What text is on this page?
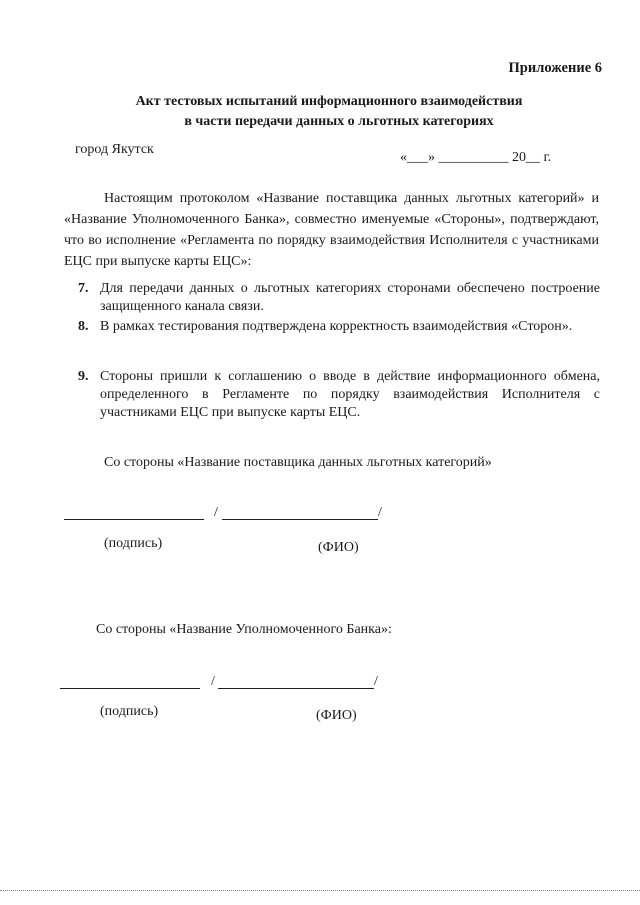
Приложение 6
Акт тестовых испытаний информационного взаимодействия
в части передачи данных о льготных категориях
город Якутск
«___» __________ 20__ г.

Настоящим протоколом «Название поставщика данных льготных категорий» и «Название Уполномоченного Банка», совместно именуемые «Стороны», подтверждают, что во исполнение «Регламента по порядку взаимодействия Исполнителя с участниками ЕЦС при выпуске карты ЕЦС»:

7. Для передачи данных о льготных категориях сторонами обеспечено построение защищенного канала связи.
8. В рамках тестирования подтверждена корректность взаимодействия «Сторон».
9. Стороны пришли к соглашению о вводе в действие информационного обмена, определенного в Регламенте по порядку взаимодействия Исполнителя с участниками ЕЦС при выпуске карты ЕЦС.
Со стороны «Название поставщика данных льготных категорий»
/	/
(подпись)	(ФИО)
Со стороны «Название Уполномоченного Банка»:
/	/
(подпись)	(ФИО)
